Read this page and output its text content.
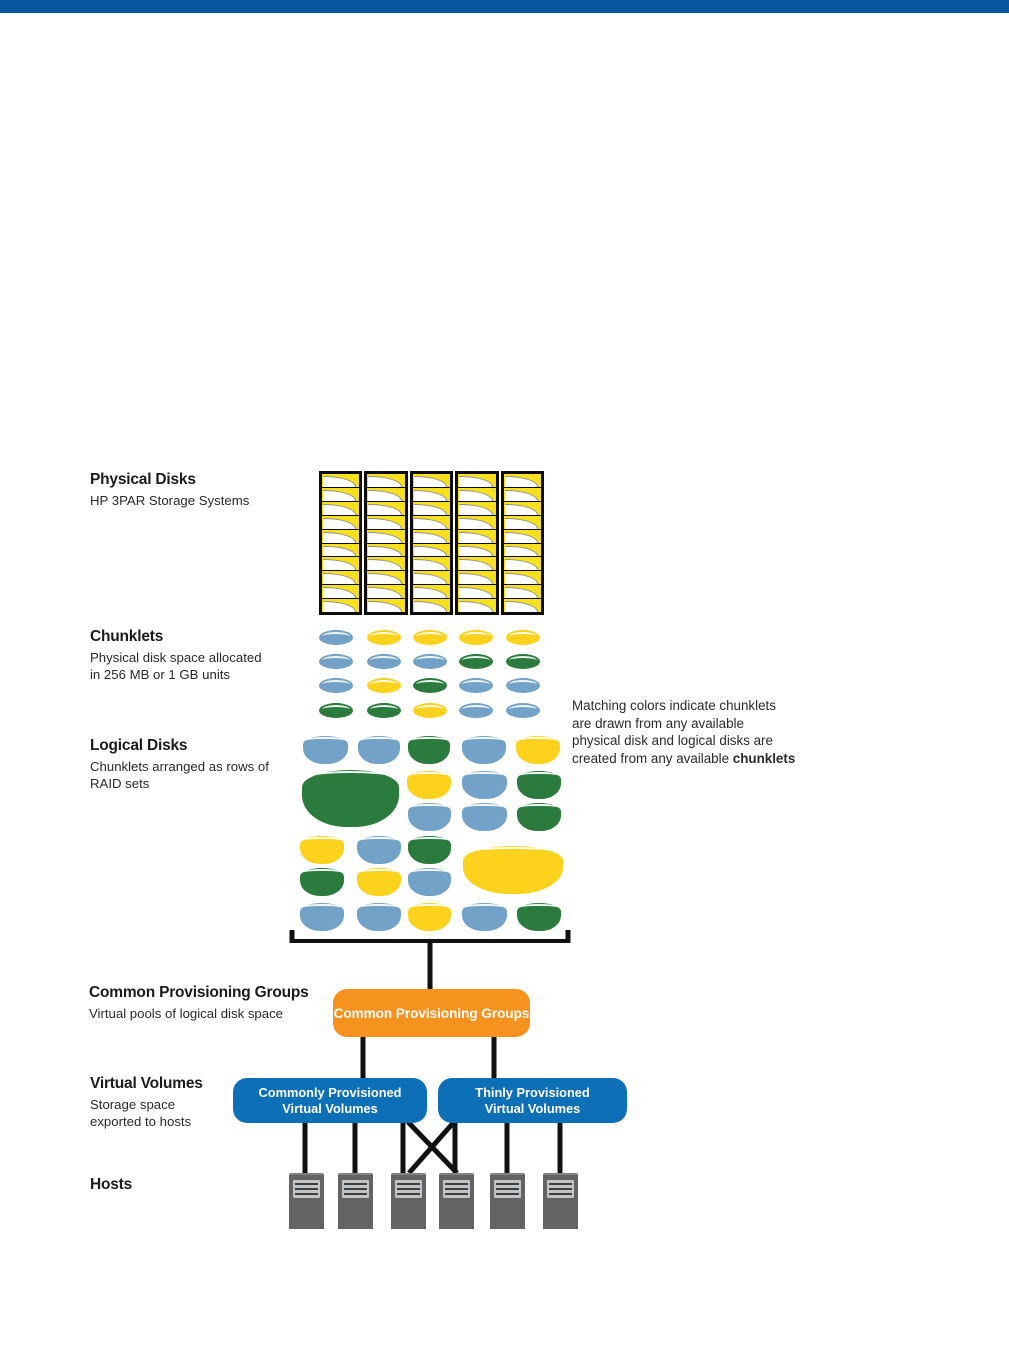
Physical Disks
HP 3PAR Storage Systems
Chunklets
Physical disk space allocated
in 256 MB or 1 GB units
Logical Disks
Chunklets arranged as rows of
RAID sets
Common Provisioning Groups
Virtual pools of logical disk space
Virtual Volumes
Storage space
exported to hosts
Hosts
Matching colors indicate chunklets
are drawn from any available
physical disk and logical disks are
created from any available chunklets
Common Provisioning Groups
Commonly Provisioned
Virtual Volumes
Thinly Provisioned
Virtual Volumes
